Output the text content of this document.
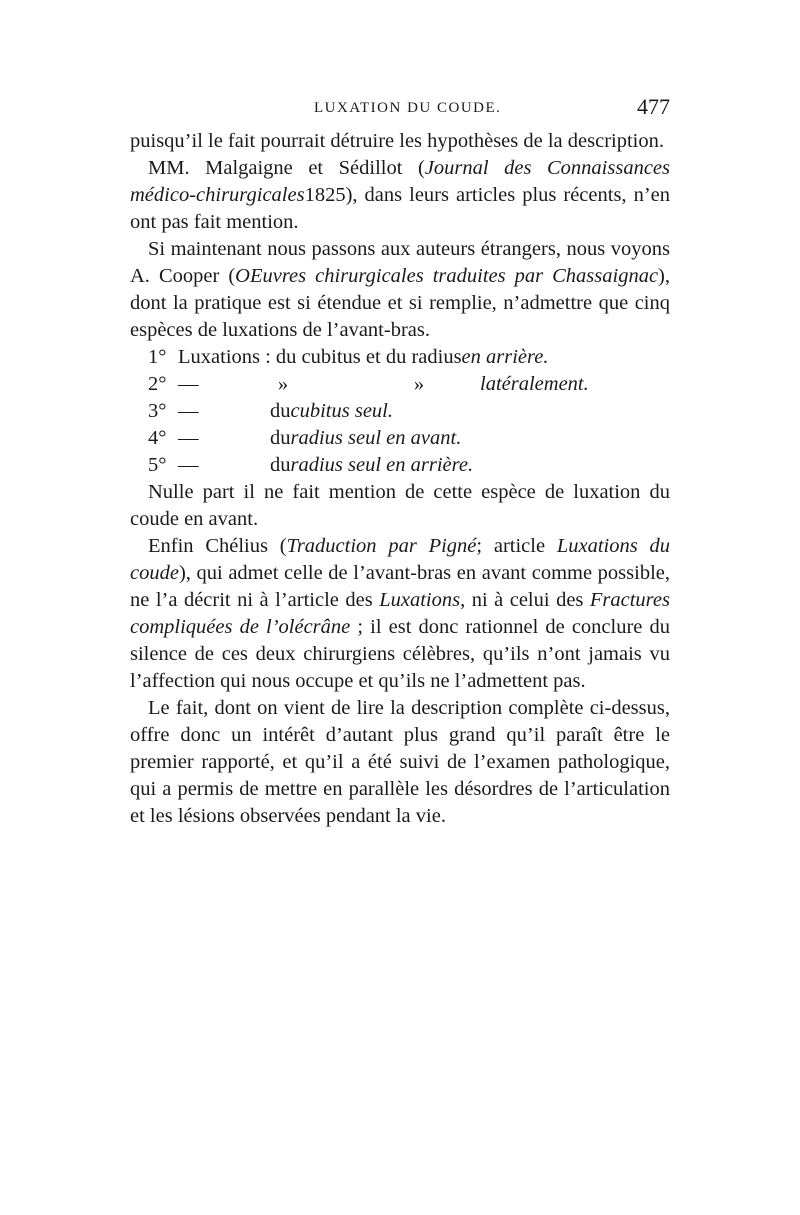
LUXATION DU COUDE.	477

puisqu’il le fait pourrait détruire les hypothèses de la description.

MM. Malgaigne et Sédillot (Journal des Connaissances médico-chirurgicales1825), dans leurs articles plus récents, n’en ont pas fait mention.

Si maintenant nous passons aux auteurs étrangers, nous voyons A. Cooper (OEuvres chirurgicales traduites par Chassaignac), dont la pratique est si étendue et si remplie, n’admettre que cinq espèces de luxations de l’avant-bras.

1° Luxations : du cubitus et du radius en arrière.
2° —	»	»	latéralement.
3° —	du cubitus seul.
4° —	du radius seul en avant.
5° —	du radius seul en arrière.

Nulle part il ne fait mention de cette espèce de luxation du coude en avant.

Enfin Chélius (Traduction par Pigné; article Luxations du coude), qui admet celle de l’avant-bras en avant comme possible, ne l’a décrit ni à l’article des Luxations, ni à celui des Fractures compliquées de l’olécrâne ; il est donc rationnel de conclure du silence de ces deux chirurgiens célèbres, qu’ils n’ont jamais vu l’affection qui nous occupe et qu’ils ne l’admettent pas.

Le fait, dont on vient de lire la description complète ci-dessus, offre donc un intérêt d’autant plus grand qu’il paraît être le premier rapporté, et qu’il a été suivi de l’examen pathologique, qui a permis de mettre en parallèle les désordres de l’articulation et les lésions observées pendant la vie.
